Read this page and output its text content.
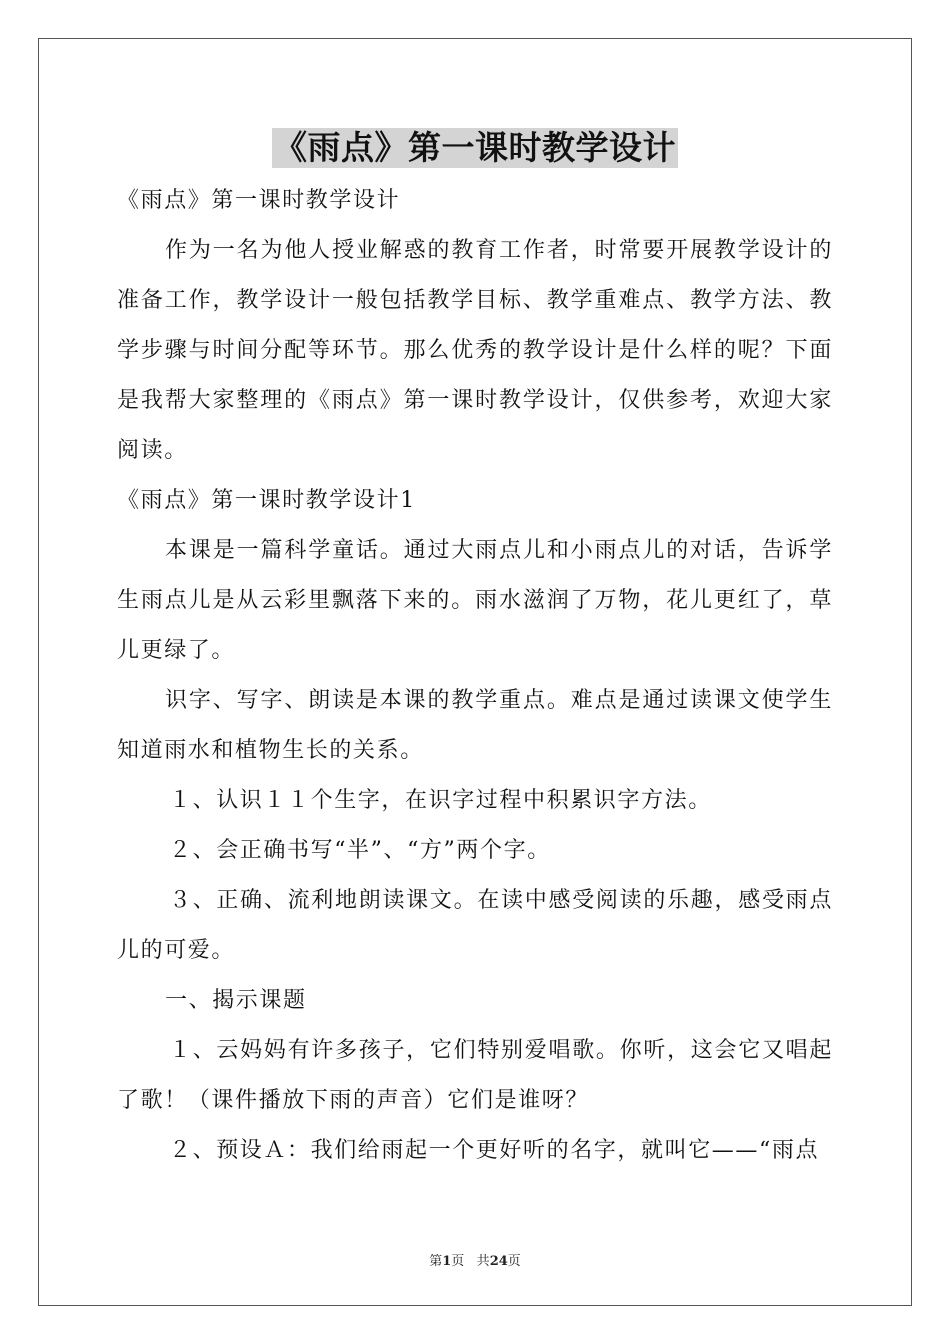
《雨点》第一课时教学设计

《雨点》第一课时教学设计

作为一名为他人授业解惑的教育工作者，时常要开展教学设计的准备工作，教学设计一般包括教学目标、教学重难点、教学方法、教学步骤与时间分配等环节。那么优秀的教学设计是什么样的呢？下面是我帮大家整理的《雨点》第一课时教学设计，仅供参考，欢迎大家阅读。

《雨点》第一课时教学设计1

本课是一篇科学童话。通过大雨点儿和小雨点儿的对话，告诉学生雨点儿是从云彩里飘落下来的。雨水滋润了万物，花儿更红了，草儿更绿了。

识字、写字、朗读是本课的教学重点。难点是通过读课文使学生知道雨水和植物生长的关系。

１、认识１１个生字，在识字过程中积累识字方法。

２、会正确书写“半”、“方”两个字。

３、正确、流利地朗读课文。在读中感受阅读的乐趣，感受雨点儿的可爱。

一、揭示课题

１、云妈妈有许多孩子，它们特别爱唱歌。你听，这会它又唱起了歌！（课件播放下雨的声音）它们是谁呀？

２、预设Ａ：我们给雨起一个更好听的名字，就叫它——“雨点

第1页 共24页
